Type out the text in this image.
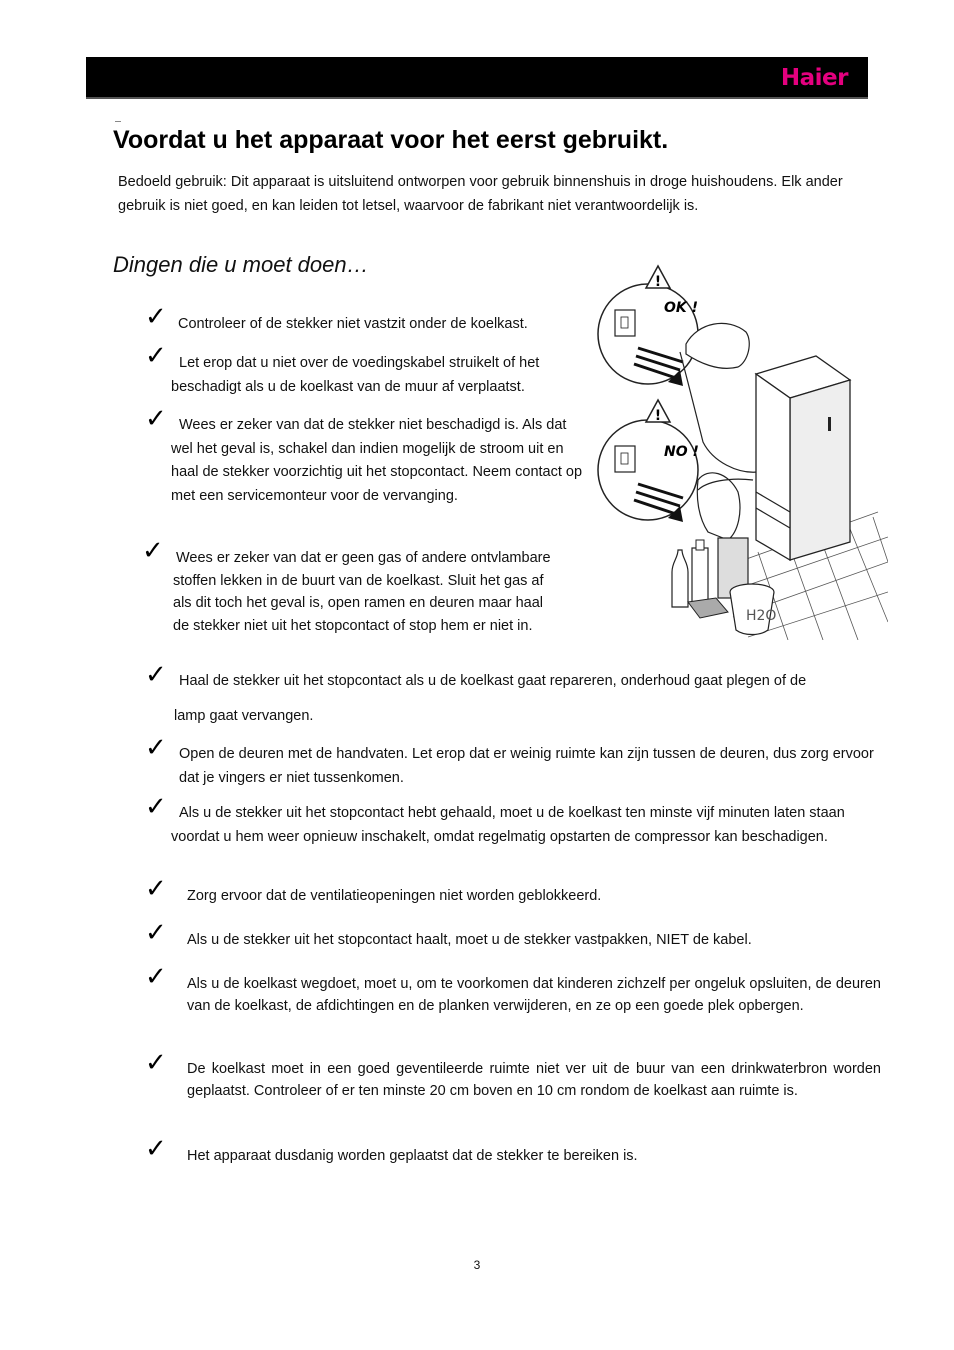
Haier
Voordat u het apparaat voor het eerst gebruikt.
Bedoeld gebruik: Dit apparaat is uitsluitend ontworpen voor gebruik binnenshuis in droge huishoudens. Elk ander gebruik is niet goed, en kan leiden tot letsel, waarvoor de fabrikant niet verantwoordelijk is.
Dingen die u moet doen…
✓ Controleer of de stekker niet vastzit onder de koelkast.
✓ Let erop dat u niet over de voedingskabel struikelt of het beschadigt als u de koelkast van de muur af verplaatst.
✓ Wees er zeker van dat de stekker niet beschadigd is. Als dat wel het geval is, schakel dan indien mogelijk de stroom uit en haal de stekker voorzichtig uit het stopcontact. Neem contact op met een servicemonteur voor de vervanging.
✓ Wees er zeker van dat er geen gas of andere ontvlambare stoffen lekken in de buurt van de koelkast. Sluit het gas af als dit toch het geval is, open ramen en deuren maar haal de stekker niet uit het stopcontact of stop hem er niet in.
✓ Haal de stekker uit het stopcontact als u de koelkast gaat repareren, onderhoud gaat plegen of de
lamp gaat vervangen.
✓ Open de deuren met de handvaten. Let erop dat er weinig ruimte kan zijn tussen de deuren, dus zorg ervoor dat je vingers er niet tussenkomen.
✓ Als u de stekker uit het stopcontact hebt gehaald, moet u de koelkast ten minste vijf minuten laten staan voordat u hem weer opnieuw inschakelt, omdat regelmatig opstarten de compressor kan beschadigen.
✓ Zorg ervoor dat de ventilatieopeningen niet worden geblokkeerd.
✓ Als u de stekker uit het stopcontact haalt, moet u de stekker vastpakken, NIET de kabel.
✓ Als u de koelkast wegdoet, moet u, om te voorkomen dat kinderen zichzelf per ongeluk opsluiten, de deuren van de koelkast, de afdichtingen en de planken verwijderen, en ze op een goede plek opbergen.
✓ De koelkast moet in een goed geventileerde ruimte niet ver uit de buur van een drinkwaterbron worden geplaatst. Controleer of er ten minste 20 cm boven en 10 cm rondom de koelkast aan ruimte is.
✓ Het apparaat dusdanig worden geplaatst dat de stekker te bereiken is.
!
OK !
!
NO !
H2O
3
